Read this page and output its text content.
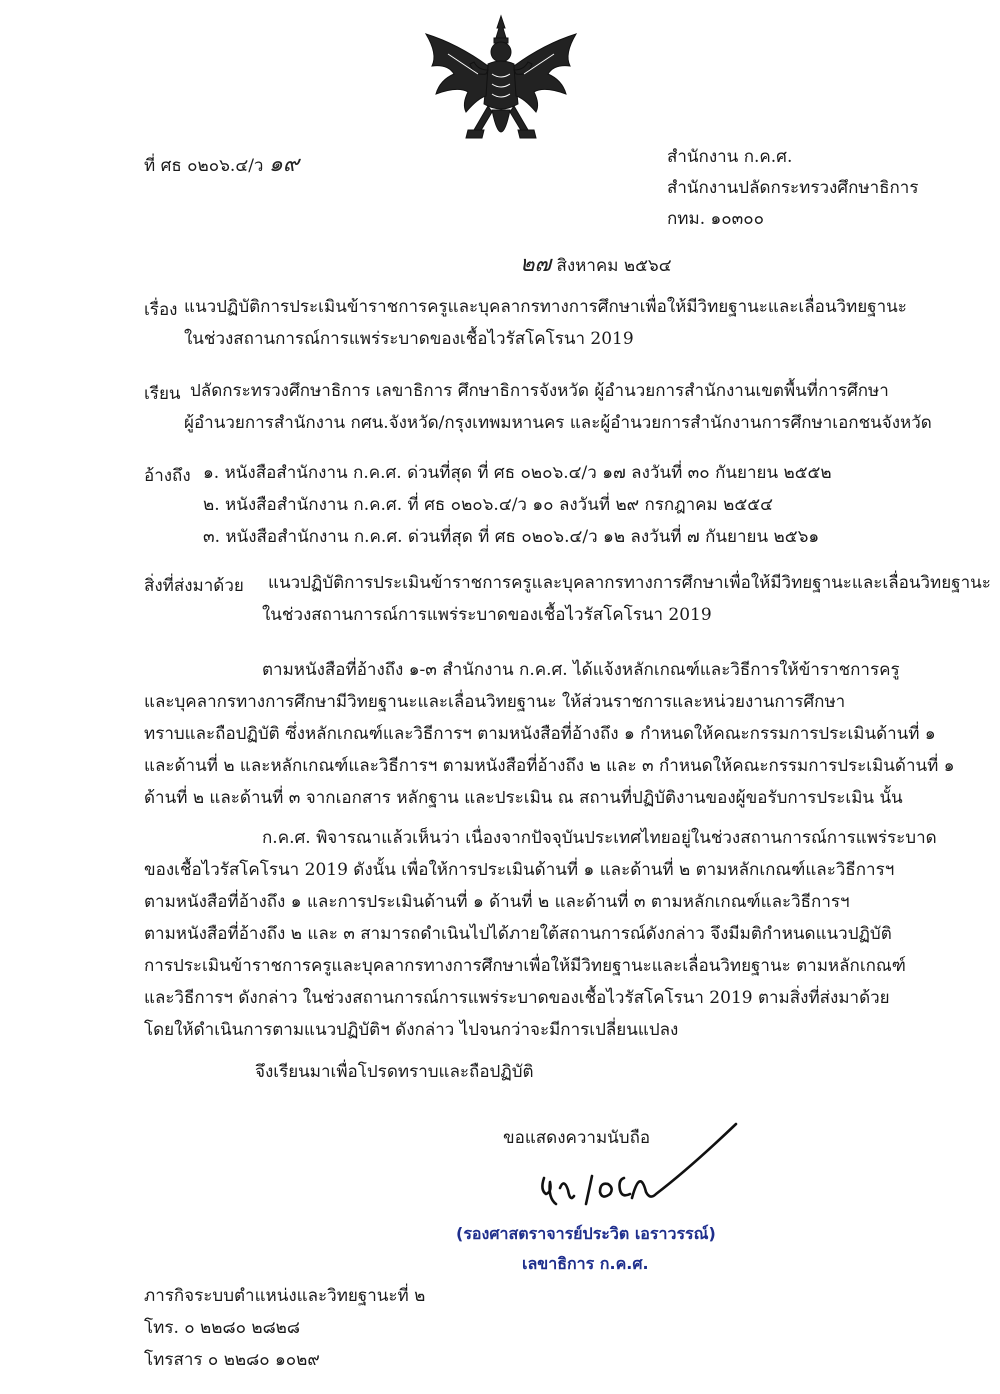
ที่ ศธ ๐๒๐๖.๔/ว ๑๙	สำนักงาน ก.ค.ศ.
สำนักงานปลัดกระทรวงศึกษาธิการ
กทม. ๑๐๓๐๐
๒๗ สิงหาคม ๒๕๖๔
เรื่อง แนวปฏิบัติการประเมินข้าราชการครูและบุคลากรทางการศึกษาเพื่อให้มีวิทยฐานะและเลื่อนวิทยฐานะ
ในช่วงสถานการณ์การแพร่ระบาดของเชื้อไวรัสโคโรนา 2019
เรียน ปลัดกระทรวงศึกษาธิการ เลขาธิการ ศึกษาธิการจังหวัด ผู้อำนวยการสำนักงานเขตพื้นที่การศึกษา
ผู้อำนวยการสำนักงาน กศน.จังหวัด/กรุงเทพมหานคร และผู้อำนวยการสำนักงานการศึกษาเอกชนจังหวัด
อ้างถึง ๑. หนังสือสำนักงาน ก.ค.ศ. ด่วนที่สุด ที่ ศธ ๐๒๐๖.๔/ว ๑๗ ลงวันที่ ๓๐ กันยายน ๒๕๕๒
๒. หนังสือสำนักงาน ก.ค.ศ. ที่ ศธ ๐๒๐๖.๔/ว ๑๐ ลงวันที่ ๒๙ กรกฎาคม ๒๕๕๔
๓. หนังสือสำนักงาน ก.ค.ศ. ด่วนที่สุด ที่ ศธ ๐๒๐๖.๔/ว ๑๒ ลงวันที่ ๗ กันยายน ๒๕๖๑
สิ่งที่ส่งมาด้วย แนวปฏิบัติการประเมินข้าราชการครูและบุคลากรทางการศึกษาเพื่อให้มีวิทยฐานะและเลื่อนวิทยฐานะ
ในช่วงสถานการณ์การแพร่ระบาดของเชื้อไวรัสโคโรนา 2019
ตามหนังสือที่อ้างถึง ๑-๓ สำนักงาน ก.ค.ศ. ได้แจ้งหลักเกณฑ์และวิธีการให้ข้าราชการครู
และบุคลากรทางการศึกษามีวิทยฐานะและเลื่อนวิทยฐานะ ให้ส่วนราชการและหน่วยงานการศึกษา
ทราบและถือปฏิบัติ ซึ่งหลักเกณฑ์และวิธีการฯ ตามหนังสือที่อ้างถึง ๑ กำหนดให้คณะกรรมการประเมินด้านที่ ๑
และด้านที่ ๒ และหลักเกณฑ์และวิธีการฯ ตามหนังสือที่อ้างถึง ๒ และ ๓ กำหนดให้คณะกรรมการประเมินด้านที่ ๑
ด้านที่ ๒ และด้านที่ ๓ จากเอกสาร หลักฐาน และประเมิน ณ สถานที่ปฏิบัติงานของผู้ขอรับการประเมิน นั้น
ก.ค.ศ. พิจารณาแล้วเห็นว่า เนื่องจากปัจจุบันประเทศไทยอยู่ในช่วงสถานการณ์การแพร่ระบาด
ของเชื้อไวรัสโคโรนา 2019 ดังนั้น เพื่อให้การประเมินด้านที่ ๑ และด้านที่ ๒ ตามหลักเกณฑ์และวิธีการฯ
ตามหนังสือที่อ้างถึง ๑ และการประเมินด้านที่ ๑ ด้านที่ ๒ และด้านที่ ๓ ตามหลักเกณฑ์และวิธีการฯ
ตามหนังสือที่อ้างถึง ๒ และ ๓ สามารถดำเนินไปได้ภายใต้สถานการณ์ดังกล่าว จึงมีมติกำหนดแนวปฏิบัติ
การประเมินข้าราชการครูและบุคลากรทางการศึกษาเพื่อให้มีวิทยฐานะและเลื่อนวิทยฐานะ ตามหลักเกณฑ์
และวิธีการฯ ดังกล่าว ในช่วงสถานการณ์การแพร่ระบาดของเชื้อไวรัสโคโรนา 2019 ตามสิ่งที่ส่งมาด้วย
โดยให้ดำเนินการตามแนวปฏิบัติฯ ดังกล่าว ไปจนกว่าจะมีการเปลี่ยนแปลง
จึงเรียนมาเพื่อโปรดทราบและถือปฏิบัติ
ขอแสดงความนับถือ
(รองศาสตราจารย์ประวิต เอราวรรณ์)
เลขาธิการ ก.ค.ศ.
ภารกิจระบบตำแหน่งและวิทยฐานะที่ ๒
โทร. ๐ ๒๒๘๐ ๒๘๒๘
โทรสาร ๐ ๒๒๘๐ ๑๐๒๙
